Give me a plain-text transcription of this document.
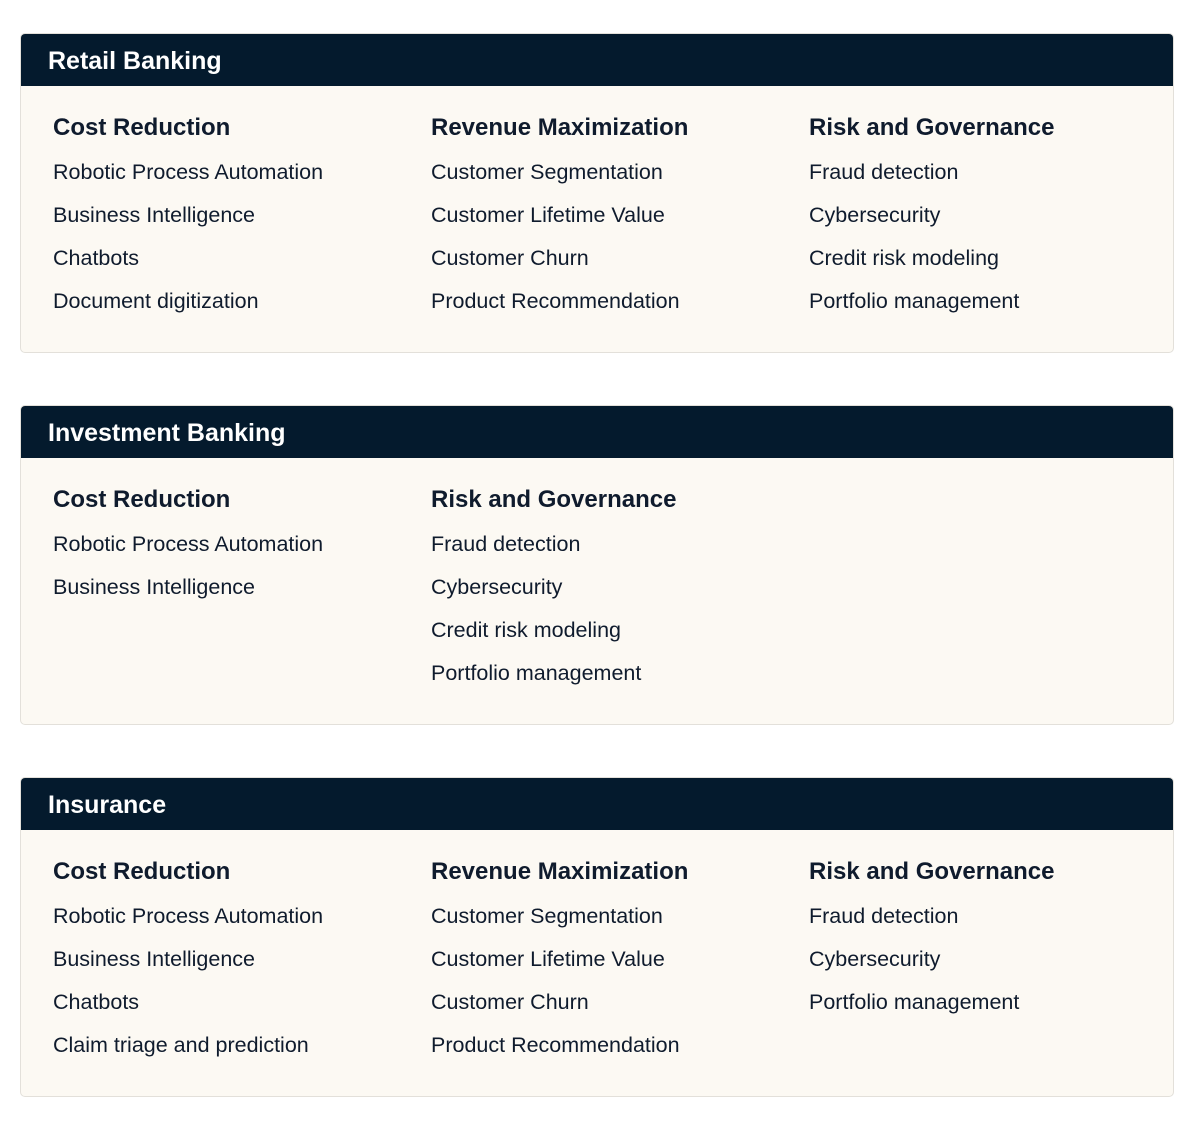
Retail Banking
Cost Reduction
Robotic Process Automation
Business Intelligence
Chatbots
Document digitization
Revenue Maximization
Customer Segmentation
Customer Lifetime Value
Customer Churn
Product Recommendation
Risk and Governance
Fraud detection
Cybersecurity
Credit risk modeling
Portfolio management
Investment Banking
Cost Reduction
Robotic Process Automation
Business Intelligence
Risk and Governance
Fraud detection
Cybersecurity
Credit risk modeling
Portfolio management
Insurance
Cost Reduction
Robotic Process Automation
Business Intelligence
Chatbots
Claim triage and prediction
Revenue Maximization
Customer Segmentation
Customer Lifetime Value
Customer Churn
Product Recommendation
Risk and Governance
Fraud detection
Cybersecurity
Portfolio management
